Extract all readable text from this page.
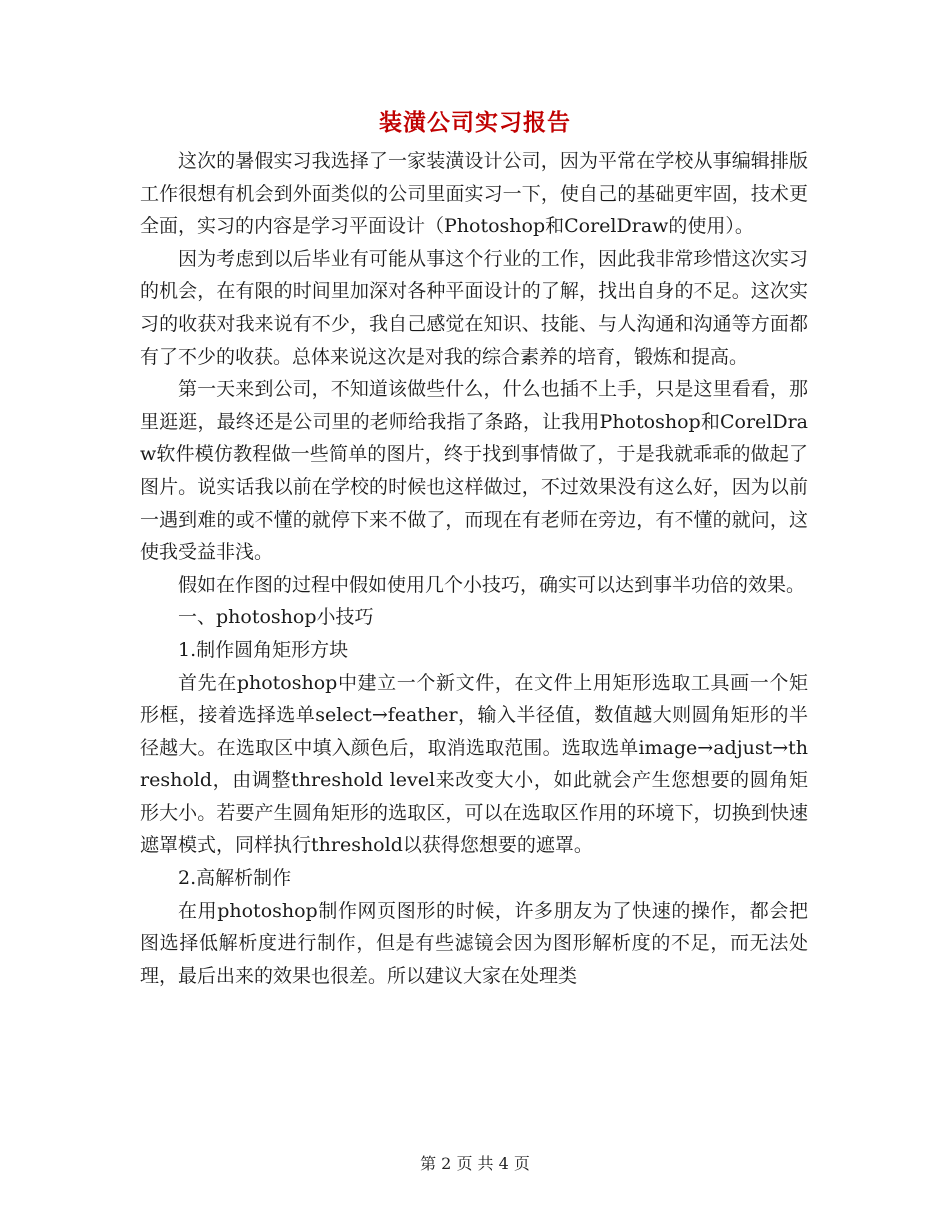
装潢公司实习报告

这次的暑假实习我选择了一家装潢设计公司，因为平常在学校从事编辑排版工作很想有机会到外面类似的公司里面实习一下，使自己的基础更牢固，技术更全面，实习的内容是学习平面设计（Photoshop和CorelDraw的使用）。

因为考虑到以后毕业有可能从事这个行业的工作，因此我非常珍惜这次实习的机会，在有限的时间里加深对各种平面设计的了解，找出自身的不足。这次实习的收获对我来说有不少，我自己感觉在知识、技能、与人沟通和沟通等方面都有了不少的收获。总体来说这次是对我的综合素养的培育，锻炼和提高。

第一天来到公司，不知道该做些什么，什么也插不上手，只是这里看看，那里逛逛，最终还是公司里的老师给我指了条路，让我用Photoshop和CorelDraw软件模仿教程做一些简单的图片，终于找到事情做了，于是我就乖乖的做起了图片。说实话我以前在学校的时候也这样做过，不过效果没有这么好，因为以前一遇到难的或不懂的就停下来不做了，而现在有老师在旁边，有不懂的就问，这使我受益非浅。

假如在作图的过程中假如使用几个小技巧，确实可以达到事半功倍的效果。

一、photoshop小技巧

1.制作圆角矩形方块

首先在photoshop中建立一个新文件，在文件上用矩形选取工具画一个矩形框，接着选择选单select→feather，输入半径值，数值越大则圆角矩形的半径越大。在选取区中填入颜色后，取消选取范围。选取选单image→adjust→threshold，由调整threshold level来改变大小，如此就会产生您想要的圆角矩形大小。若要产生圆角矩形的选取区，可以在选取区作用的环境下，切换到快速遮罩模式，同样执行threshold以获得您想要的遮罩。

2.高解析制作

在用photoshop制作网页图形的时候，许多朋友为了快速的操作，都会把图选择低解析度进行制作，但是有些滤镜会因为图形解析度的不足，而无法处理，最后出来的效果也很差。所以建议大家在处理类

第 2 页 共 4 页
